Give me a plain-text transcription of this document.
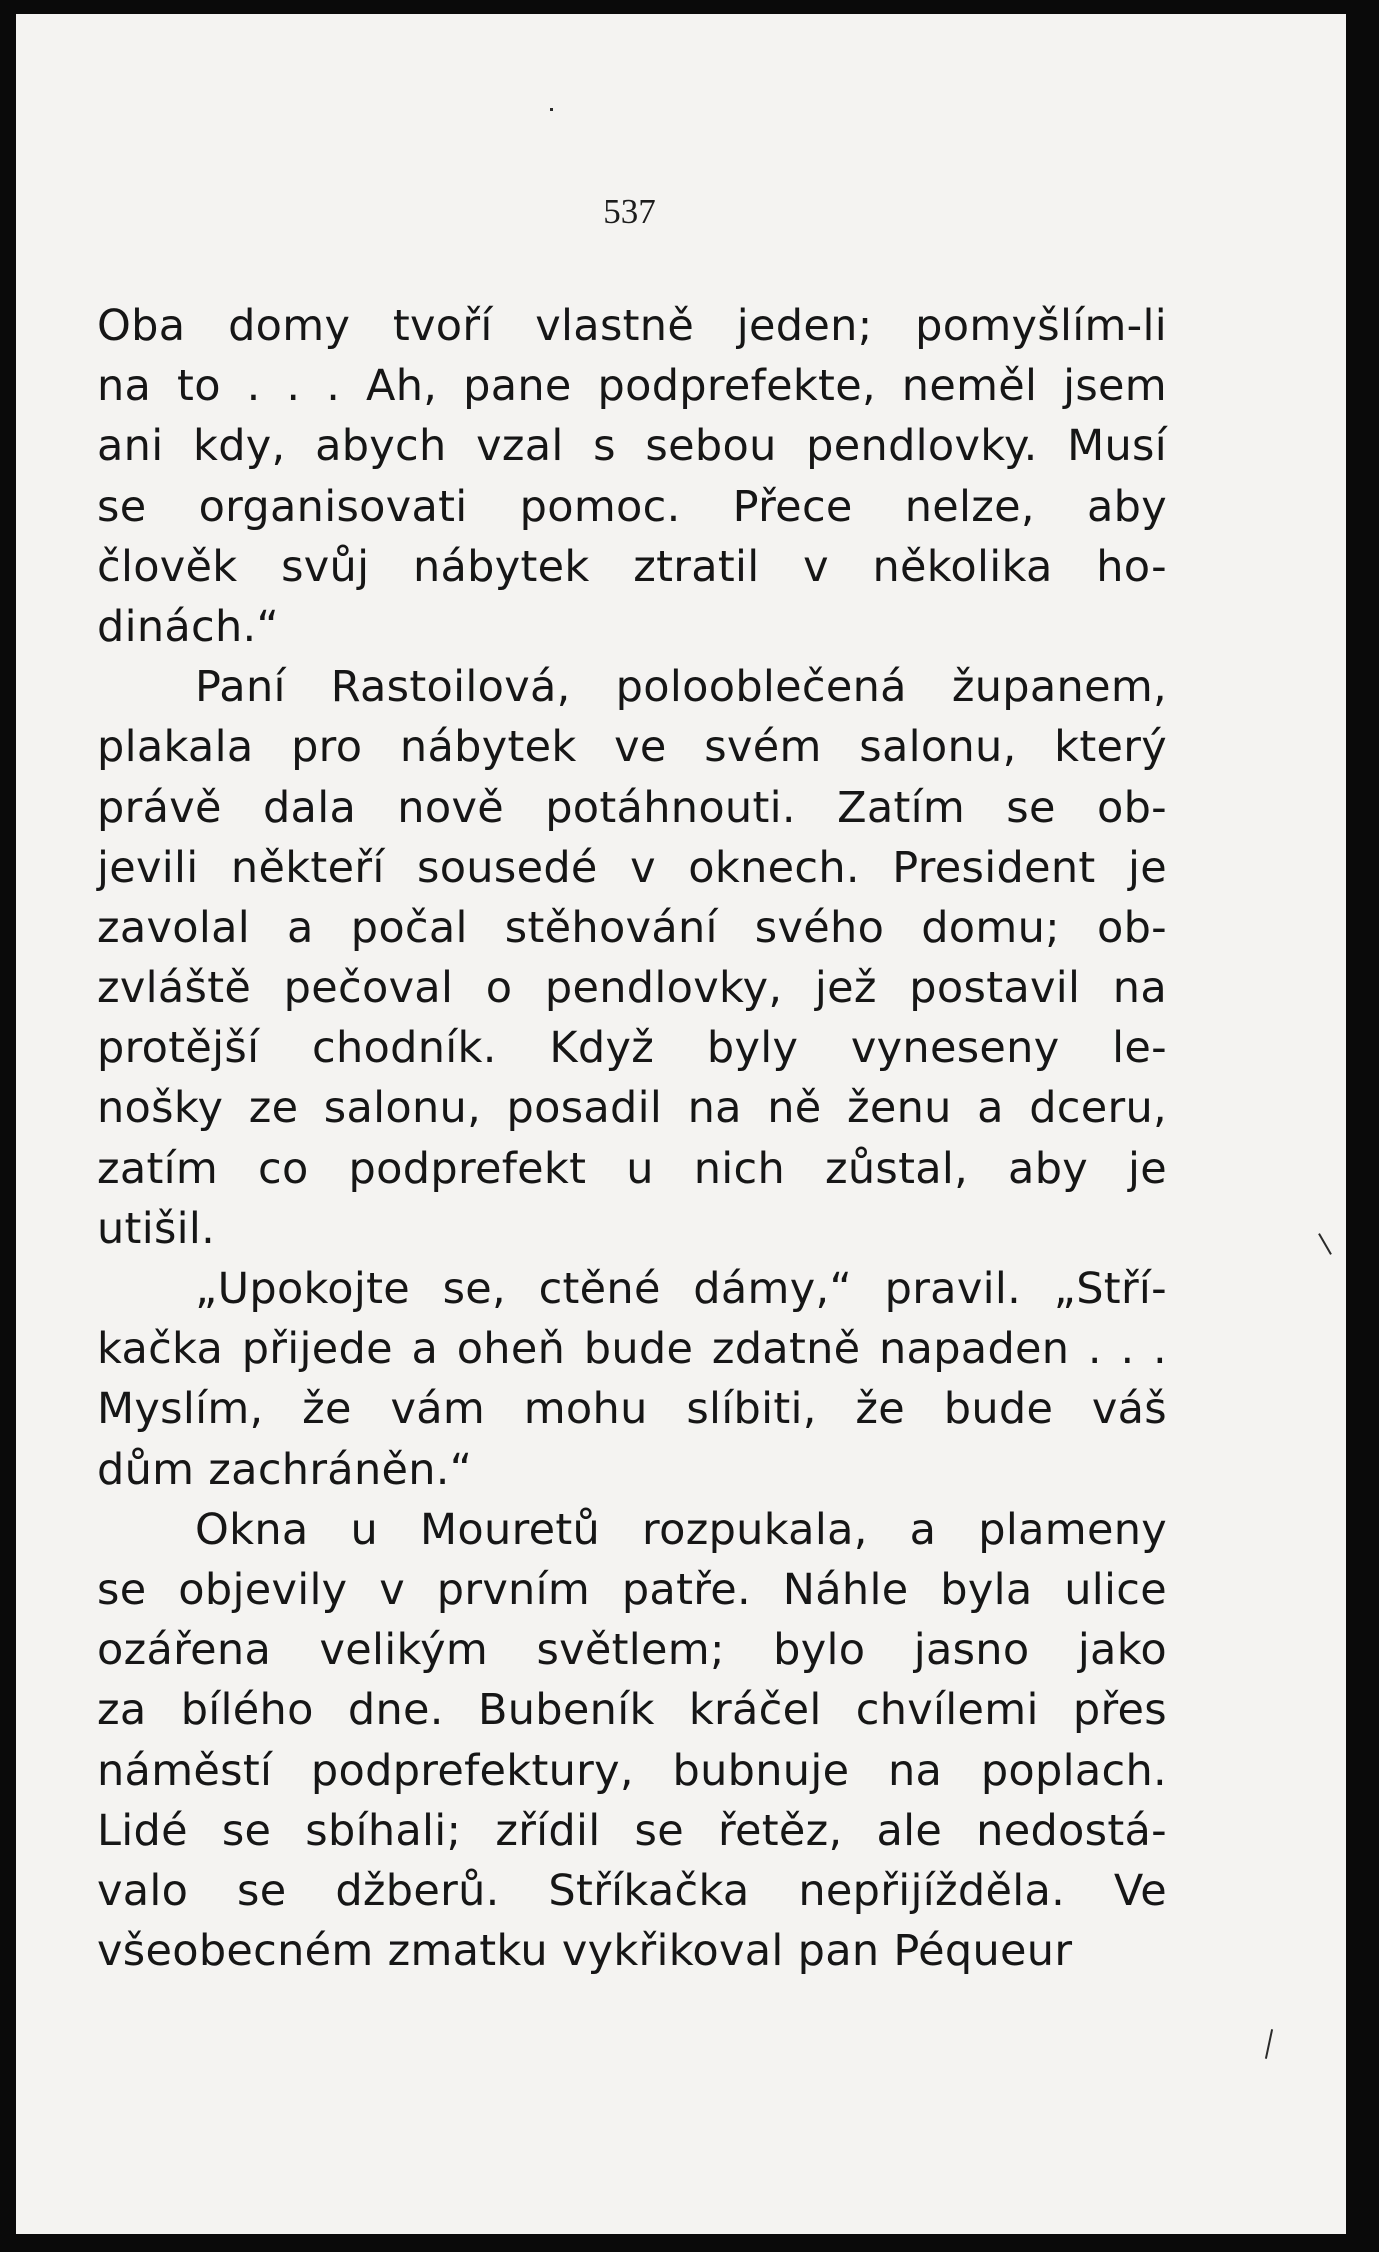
537
Oba domy tvoří vlastně jeden; pomyšlím-li
na to . . . Ah, pane podprefekte, neměl jsem
ani kdy, abych vzal s sebou pendlovky. Musí
se organisovati pomoc. Přece nelze, aby
člověk svůj nábytek ztratil v několika ho-
dinách.“
Paní Rastoilová, polooblečená županem,
plakala pro nábytek ve svém salonu, který
právě dala nově potáhnouti. Zatím se ob-
jevili někteří sousedé v oknech. President je
zavolal a počal stěhování svého domu; ob-
zvláště pečoval o pendlovky, jež postavil na
protější chodník. Když byly vyneseny le-
nošky ze salonu, posadil na ně ženu a dceru,
zatím co podprefekt u nich zůstal, aby je
utišil.
„Upokojte se, ctěné dámy,“ pravil. „Stří-
kačka přijede a oheň bude zdatně napaden . . .
Myslím, že vám mohu slíbiti, že bude váš
dům zachráněn.“
Okna u Mouretů rozpukala, a plameny
se objevily v prvním patře. Náhle byla ulice
ozářena velikým světlem; bylo jasno jako
za bílého dne. Bubeník kráčel chvílemi přes
náměstí podprefektury, bubnuje na poplach.
Lidé se sbíhali; zřídil se řetěz, ale nedostá-
valo se džberů. Stříkačka nepřijížděla. Ve
všeobecném zmatku vykřikoval pan Péqueur
